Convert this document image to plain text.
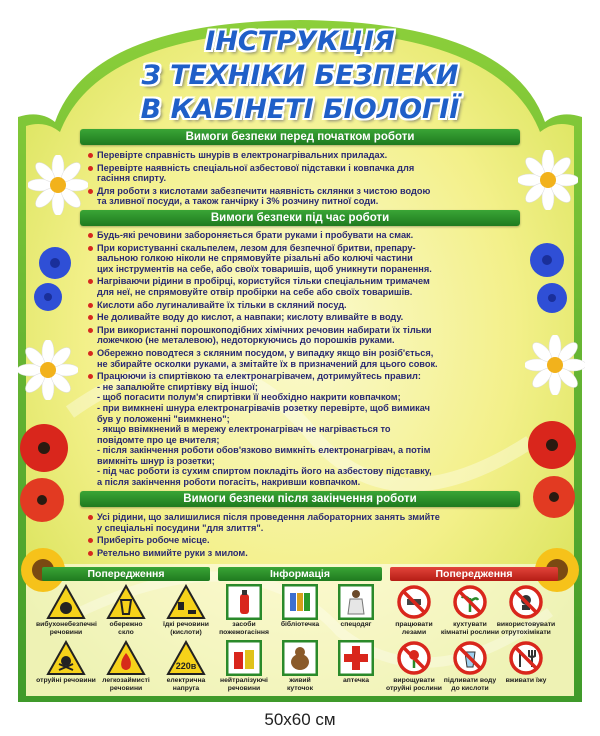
ІНСТРУКЦІЯ
З ТЕХНІКИ БЕЗПЕКИ
В КАБІНЕТІ БІОЛОГІЇ
Вимоги безпеки перед початком роботи
Перевірте справність шнурів в електронагрівальних приладах.
Перевірте наявність спеціальної азбестової підставки і ковпачка для
гасіння спирту.
Для роботи з кислотами забезпечити наявність склянки з чистою водою
та зливної посуди, а також ганчірку і 3% розчину питної соди.
Вимоги безпеки під час роботи
Будь-які речовини забороняється брати руками і пробувати на смак.
При користуванні скальпелем, лезом для безпечної бритви, препару-
вальною голкою ніколи не спрямовуйте різальні або колючі частини
цих інструментів на себе, або своїх товаришів, щоб уникнути поранення.
Нагріваючи рідини в пробірці, користуйся тільки спеціальним тримачем
для неї, не спрямовуйте отвір пробірки на себе або своїх товаришів.
Кислоти або лугиналивайте їх тільки в скляний посуд.
Не доливайте воду до кислот, а навпаки; кислоту вливайте в воду.
При використанні порошкоподібних хімічних речовин набирати їх тільки
ложечкою (не металевою), недоторкуючись до порошків руками.
Обережно поводтеся з скляним посудом, у випадку якщо він розіб'ється,
не збирайте осколки руками, а змітайте їх в призначений для цього совок.
Працюючи із спиртівкою та електронагрівачем, дотримуйтесь правил:
- не запалюйте спиртівку від іншої;
- щоб погасити полум'я спиртівки її необхідно накрити ковпачком;
- при вимкнені шнура електронагрівачів розетку перевірте, щоб вимикач
був у положенні "вимкнено";
- якщо ввімкнений в мережу електронагрівач не нагрівається то
повідомте про це вчителя;
- після закінчення роботи обов'язково вимкніть електронагрівач, а потім
вимкніть шнур із розетки;
- під час роботи із сухим спиртом покладіть його на азбестову підставку,
а після закінчення роботи погасіть, накривши ковпачком.
Вимоги безпеки після закінчення роботи
Усі рідини, що залишилися після проведення лабораторних занять змийте
у спеціальні посудини "для злиття".
Приберіть робоче місце.
Ретельно вимийте руки з милом.
Попередження	Інформація	Попередження
вибухонебезпечні
речовини
обережно
скло
їдкі речовини
(кислоти)
отруйні речовини легкозаймисті
речовини
220в
електрична
напруга
засоби
пожежогасіння
бібліотечка	спецодяг
нейтралізуючі
речовини
живий
куточок
аптечка
працювати
лезами
кухтувати
кімнатні рослини
використовувати
отрутохімікати
вирощувати
отруйні рослини
підливати воду
до кислоти
вживати їжу
50х60 см
